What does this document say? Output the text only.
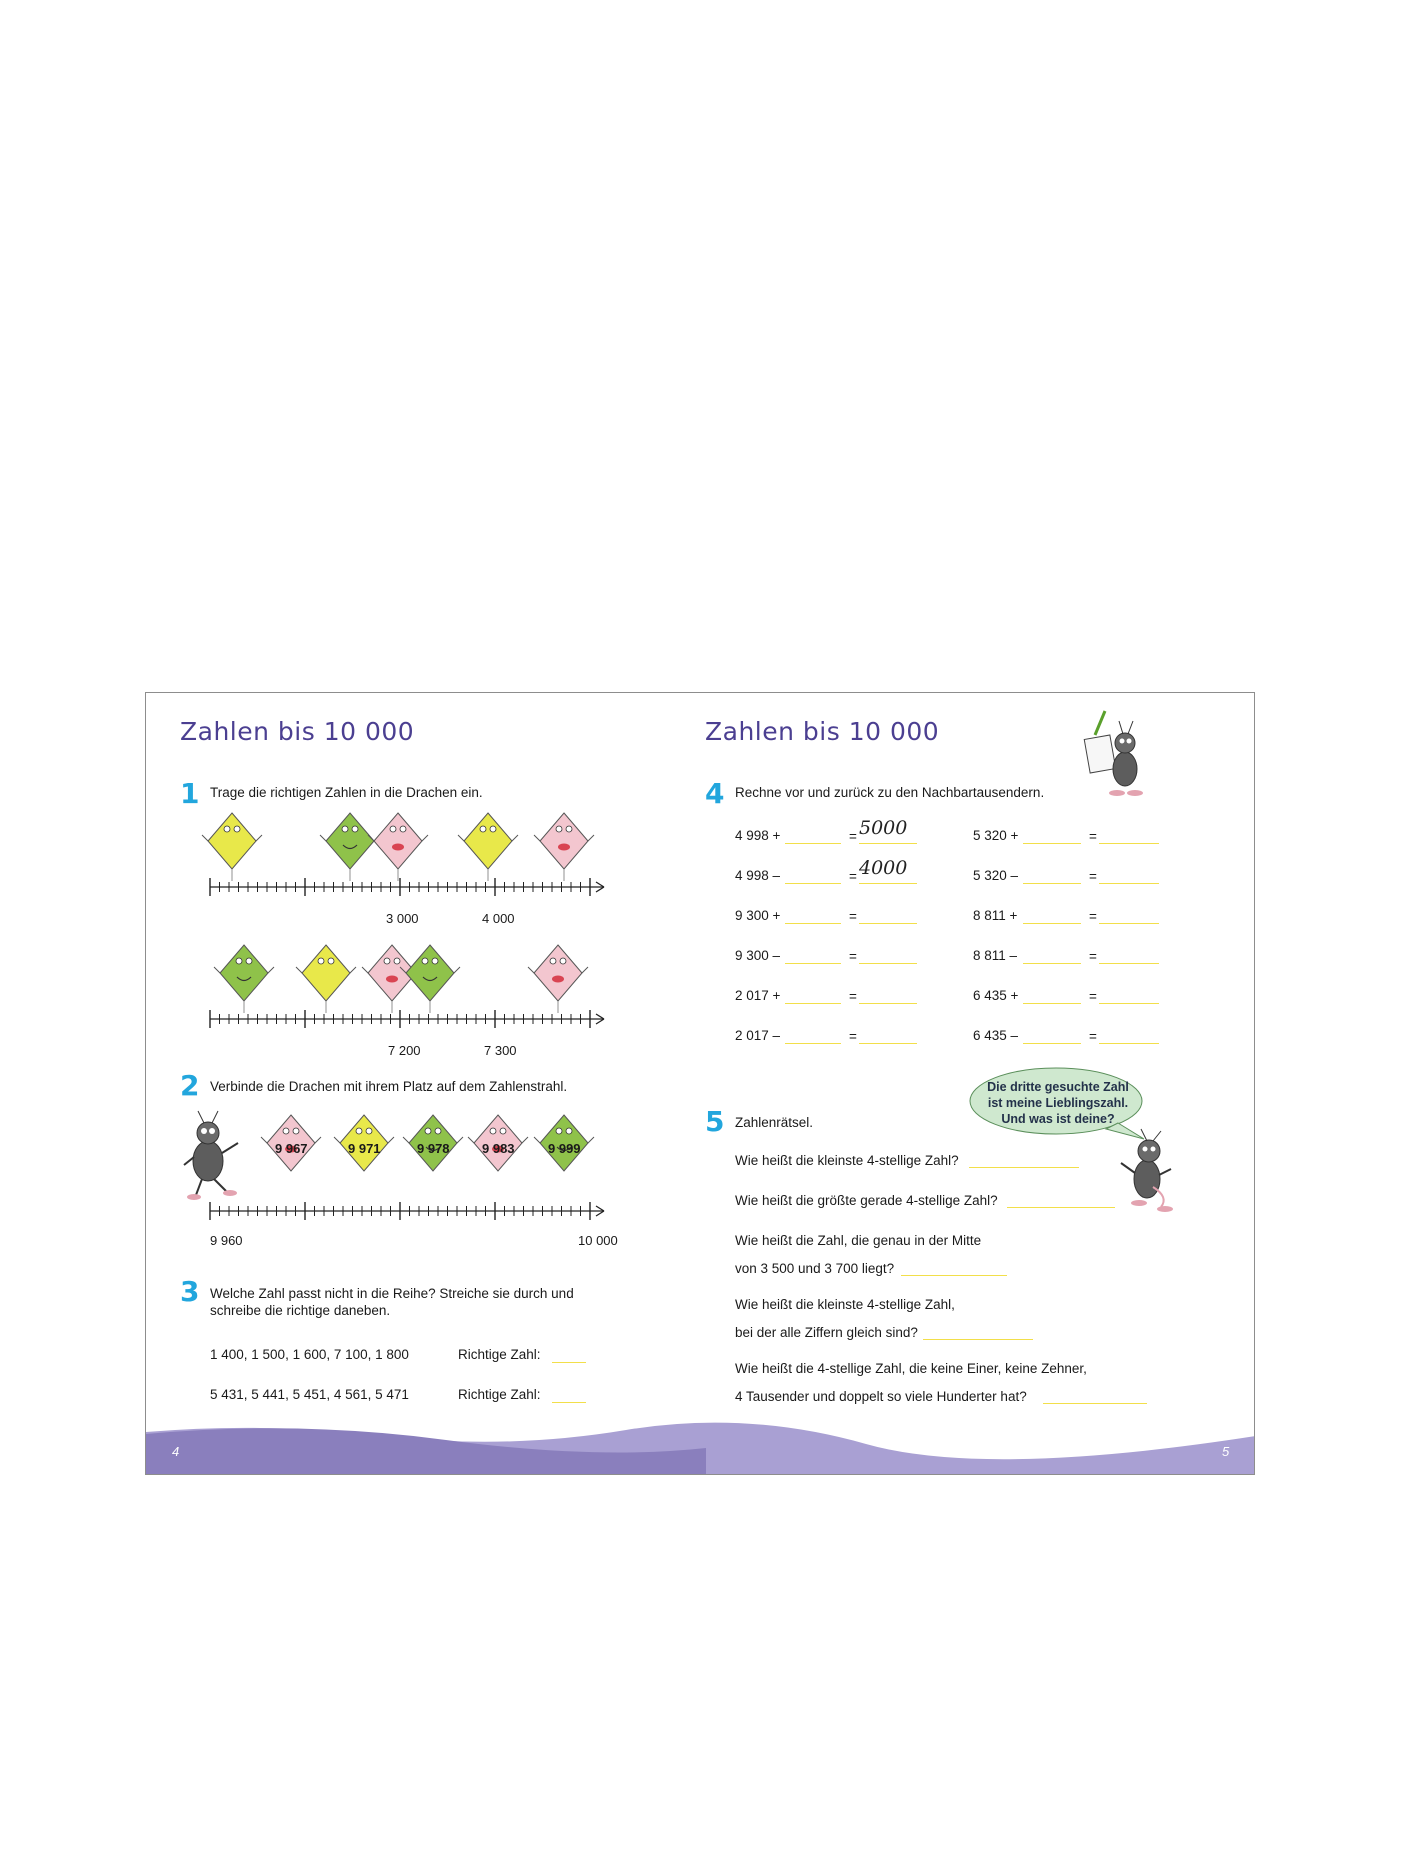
Zahlen bis 10 000
1 Trage die richtigen Zahlen in die Drachen ein.
3 000	4 000
7 200	7 300
2 Verbinde die Drachen mit ihrem Platz auf dem Zahlenstrahl.
9 967	9 971	9 978 9 983	9 999
9 960	10 000
3 Welche Zahl passt nicht in die Reihe? Streiche sie durch und schreibe die richtige daneben.
1 400, 1 500, 1 600, 7 100, 1 800	Richtige Zahl:
5 431, 5 441, 5 451, 4 561, 5 471	Richtige Zahl:
Zahlen bis 10 000
4 Rechne vor und zurück zu den Nachbartausendern.
4 998 +	= 5000
4 998 –	= 4000
9 300 +	=
9 300 –	=
2 017 +	=
2 017 –	=
5 320 +	=
5 320 –	=
8 811 +	=
8 811 –	=
6 435 +	=
6 435 –	=
5 Zahlenrätsel.
Wie heißt die kleinste 4-stellige Zahl?
Wie heißt die größte gerade 4-stellige Zahl?
Wie heißt die Zahl, die genau in der Mitte
von 3 500 und 3 700 liegt?
Wie heißt die kleinste 4-stellige Zahl,
bei der alle Ziffern gleich sind?
Wie heißt die 4-stellige Zahl, die keine Einer, keine Zehner,
4 Tausender und doppelt so viele Hunderter hat?
Die dritte gesuchte Zahl
ist meine Lieblingszahl.
Und was ist deine?
4	5
